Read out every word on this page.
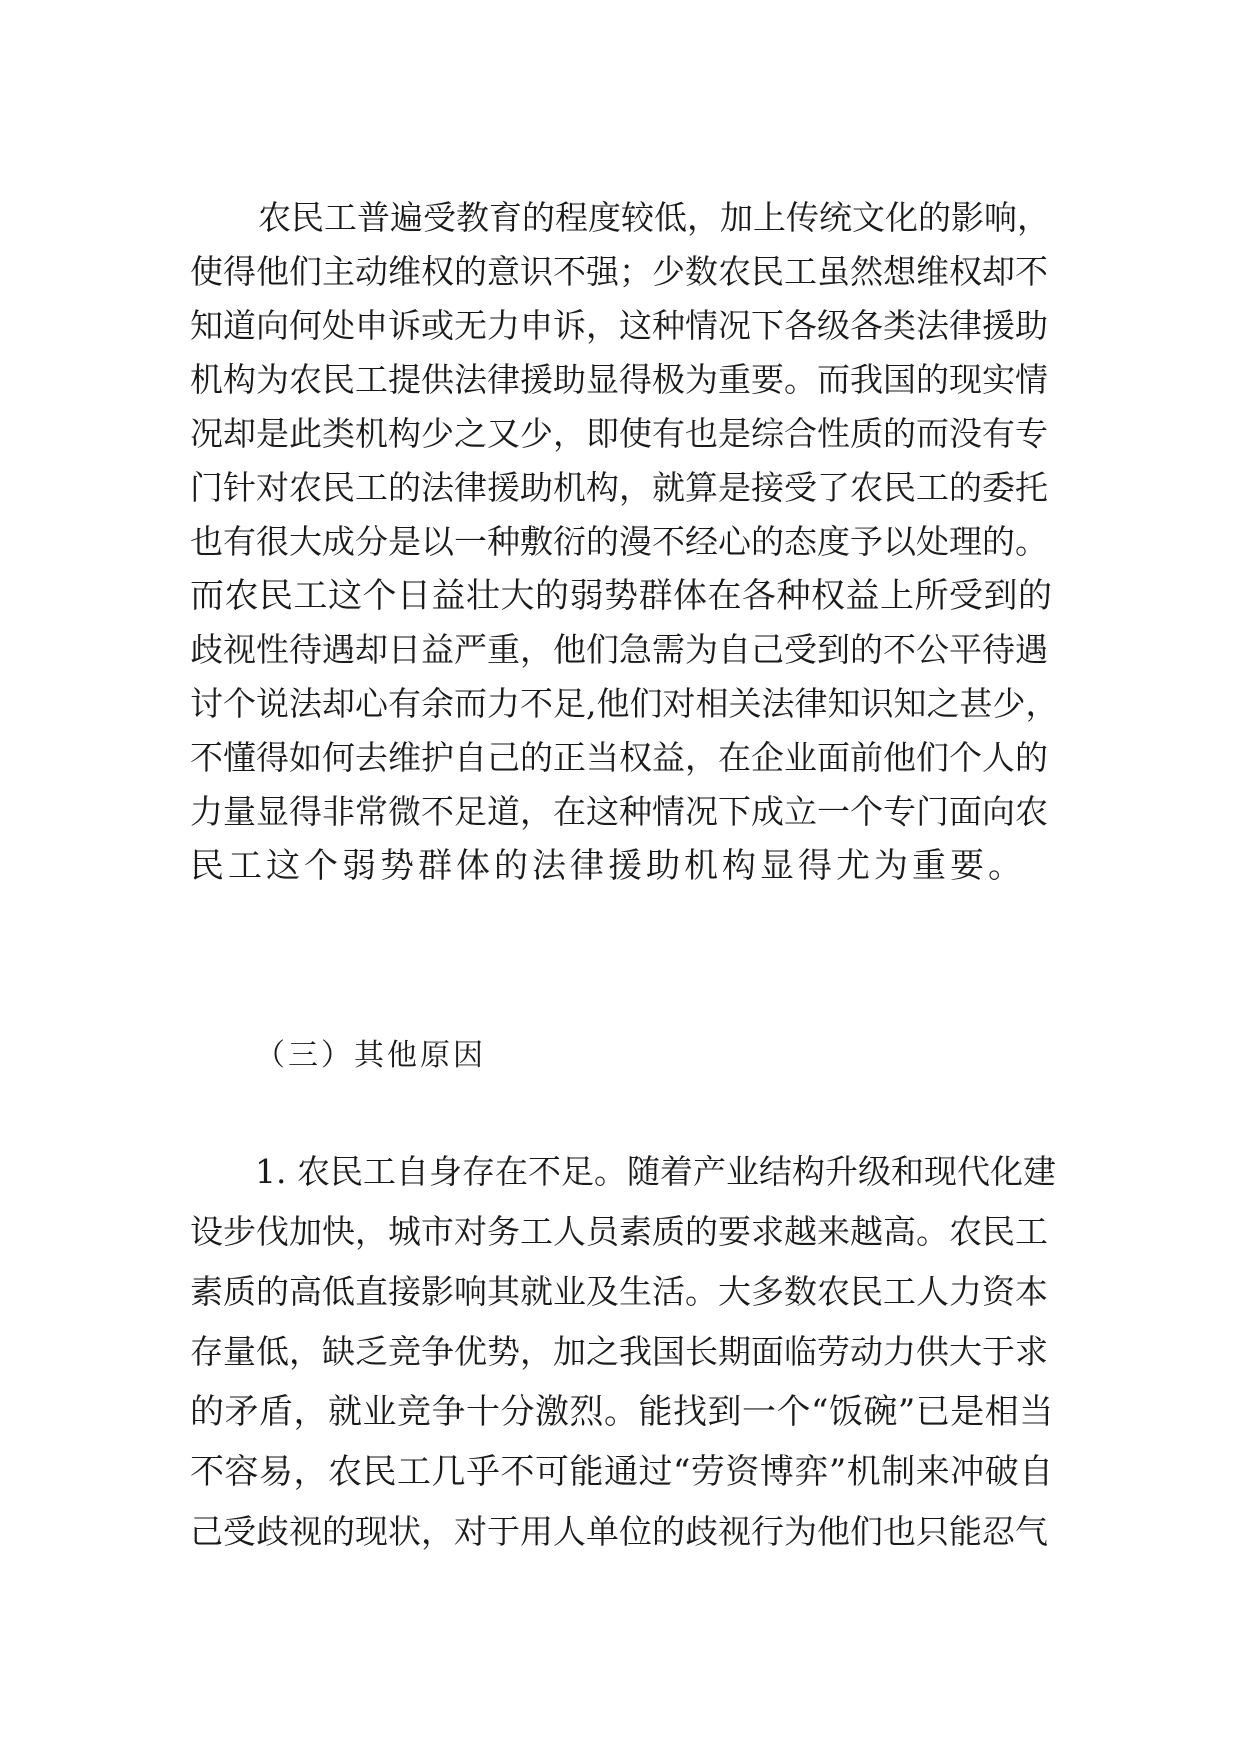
农民工普遍受教育的程度较低，加上传统文化的影响，
使得他们主动维权的意识不强；少数农民工虽然想维权却不
知道向何处申诉或无力申诉，这种情况下各级各类法律援助
机构为农民工提供法律援助显得极为重要。而我国的现实情
况却是此类机构少之又少，即使有也是综合性质的而没有专
门针对农民工的法律援助机构，就算是接受了农民工的委托
也有很大成分是以一种敷衍的漫不经心的态度予以处理的。
而农民工这个日益壮大的弱势群体在各种权益上所受到的
歧视性待遇却日益严重，他们急需为自己受到的不公平待遇
讨个说法却心有余而力不足,他们对相关法律知识知之甚少，
不懂得如何去维护自己的正当权益，在企业面前他们个人的
力量显得非常微不足道，在这种情况下成立一个专门面向农
民工这个弱势群体的法律援助机构显得尤为重要。
（三）其他原因
1. 农民工自身存在不足。随着产业结构升级和现代化建
设步伐加快，城市对务工人员素质的要求越来越高。农民工
素质的高低直接影响其就业及生活。大多数农民工人力资本
存量低，缺乏竞争优势，加之我国长期面临劳动力供大于求
的矛盾，就业竞争十分激烈。能找到一个“饭碗”已是相当
不容易，农民工几乎不可能通过“劳资博弈”机制来冲破自
己受歧视的现状，对于用人单位的歧视行为他们也只能忍气
